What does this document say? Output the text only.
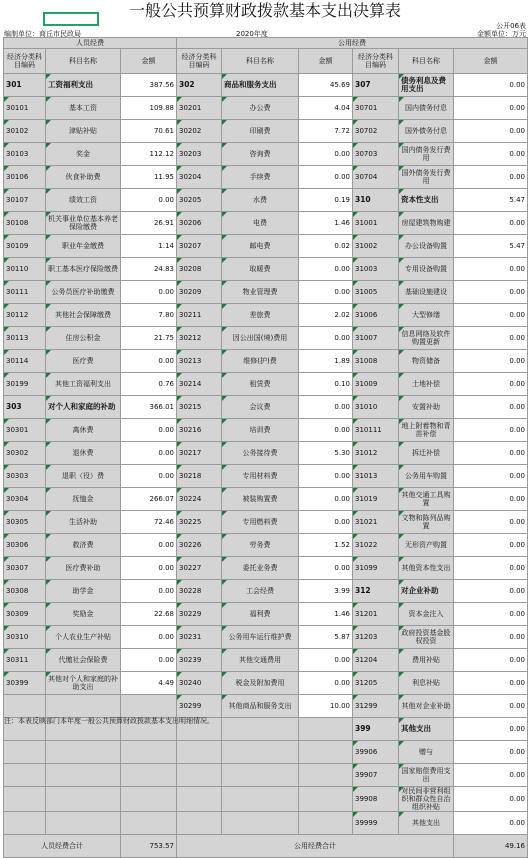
一般公共预算财政拨款基本支出决算表
公开06表
编制单位：商丘市民政局	2020年度	金额单位：万元
人员经费			公用经费					
经济分类科目编码	科目名称	金额	经济分类科目编码	科目名称	金额	经济分类科目编码	科目名称	金额
301	工资福利支出	387.56	302	商品和服务支出	45.69	307	债务利息及费用支出	0.00
30101	基本工资	109.88	30201	办公费	4.04	30701	国内债务付息	0.00
30102	津贴补贴	70.61	30202	印刷费	7.72	30702	国外债务付息	0.00
30103	奖金	112.12	30203	咨询费	0.00	30703	国内债务发行费用	0.00
30106	伙食补助费	11.95	30204	手续费	0.00	30704	国外债务发行费用	0.00
30107	绩效工资	0.00	30205	水费	0.19	310	资本性支出	5.47
30108	机关事业单位基本养老保险缴费	26.91	30206	电费	1.46	31001	房屋建筑物购建	0.00
30109	职业年金缴费	1.14	30207	邮电费	0.02	31002	办公设备购置	5.47
30110	职工基本医疗保险缴费	24.83	30208	取暖费	0.00	31003	专用设备购置	0.00
30111	公务员医疗补助缴费	0.00	30209	物业管理费	0.00	31005	基础设施建设	0.00
30112	其他社会保障缴费	7.80	30211	差旅费	2.02	31006	大型修缮	0.00
30113	住房公积金	21.75	30212	因公出国(境)费用	0.00	31007	信息网络及软件购置更新	0.00
30114	医疗费	0.00	30213	维修(护)费	1.89	31008	物资储备	0.00
30199	其他工资福利支出	0.76	30214	租赁费	0.10	31009	土地补偿	0.00
303	对个人和家庭的补助	366.01	30215	会议费	0.00	31010	安置补助	0.00
30301	离休费	0.00	30216	培训费	0.00	310111	地上附着物和青苗补偿	0.00
30302	退休费	0.00	30217	公务接待费	5.30	31012	拆迁补偿	0.00
30303	退职（役）费	0.00	30218	专用材料费	0.00	31013	公务用车购置	0.00
30304	抚恤金	266.07	30224	被装购置费	0.00	31019	其他交通工具购置	0.00
30305	生活补助	72.46	30225	专用燃料费	0.00	31021	文物和陈列品购置	0.00
30306	救济费	0.00	30226	劳务费	1.52	31022	无形资产购置	0.00
30307	医疗费补助	0.00	30227	委托业务费	0.00	31099	其他资本性支出	0.00
30308	助学金	0.00	30228	工会经费	3.99	312	对企业补助	0.00
30309	奖励金	22.68	30229	福利费	1.46	31201	资本金注入	0.00
30310	个人农业生产补贴	0.00	30231	公务用车运行维护费	5.87	31203	政府投资基金股权投资	0.00
30311	代缴社会保险费	0.00	30239	其他交通费用	0.00	31204	费用补贴	0.00
30399	其他对个人和家庭的补助支出	4.49	30240	税金及附加费用	0.00	31205	利息补贴	0.00
			30299	其他商品和服务支出	10.00	31299	其他对企业补助	0.00
						399	其他支出	0.00
						39906	赠与	0.00
						39907	国家赔偿费用支出	0.00
						39908	对民间非营利组织和群众性自治组织补贴	0.00
						39999	其他支出	0.00
人员经费合计		753.57	公用经费合计					49.16
注：本表反映部门本年度一般公共预算财政拨款基本支出明细情况。
